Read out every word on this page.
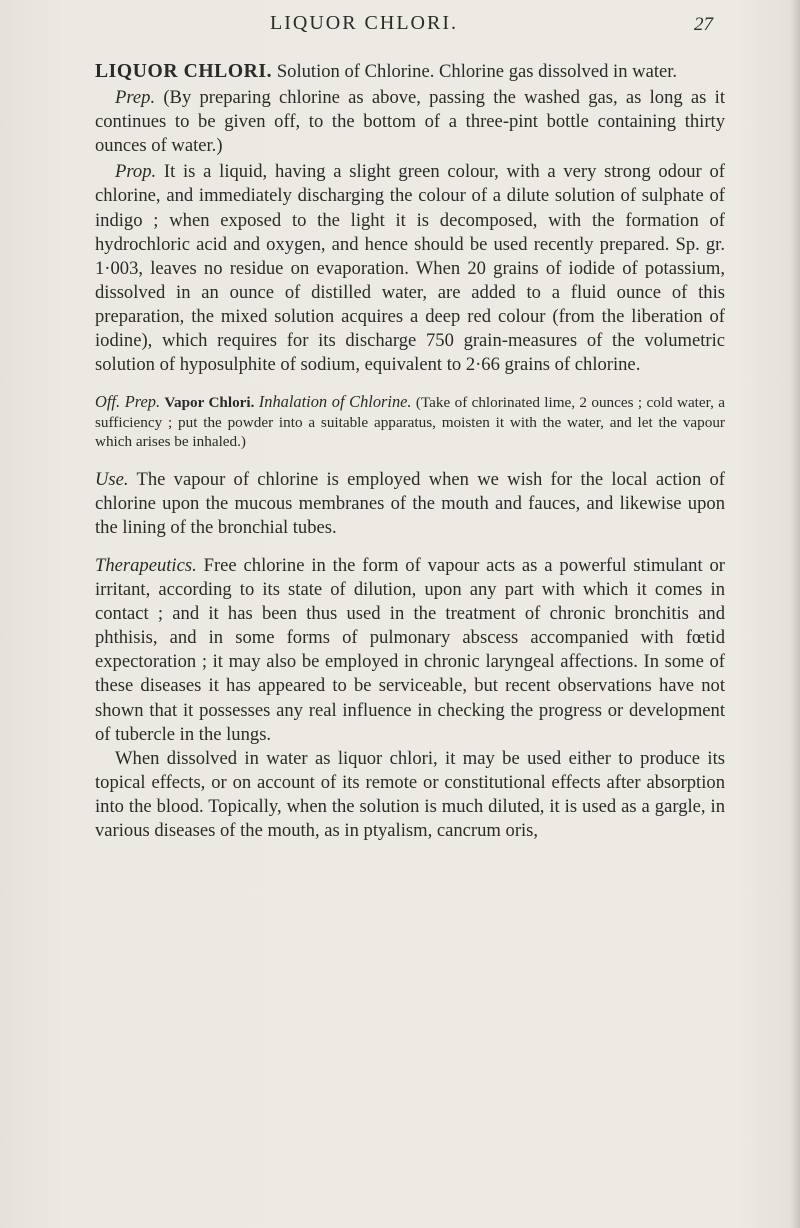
LIQUOR CHLORI.	27

LIQUOR CHLORI. Solution of Chlorine. Chlorine gas dissolved in water.

Prep. (By preparing chlorine as above, passing the washed gas, as long as it continues to be given off, to the bottom of a three-pint bottle containing thirty ounces of water.)

Prop. It is a liquid, having a slight green colour, with a very strong odour of chlorine, and immediately discharging the colour of a dilute solution of sulphate of indigo ; when exposed to the light it is decomposed, with the formation of hydrochloric acid and oxygen, and hence should be used recently prepared. Sp. gr. 1·003, leaves no residue on evaporation. When 20 grains of iodide of potassium, dissolved in an ounce of distilled water, are added to a fluid ounce of this preparation, the mixed solution acquires a deep red colour (from the liberation of iodine), which requires for its discharge 750 grain-measures of the volumetric solution of hyposulphite of sodium, equivalent to 2·66 grains of chlorine.

Off. Prep. Vapor Chlori. Inhalation of Chlorine. (Take of chlorinated lime, 2 ounces ; cold water, a sufficiency ; put the powder into a suitable apparatus, moisten it with the water, and let the vapour which arises be inhaled.)

Use. The vapour of chlorine is employed when we wish for the local action of chlorine upon the mucous membranes of the mouth and fauces, and likewise upon the lining of the bronchial tubes.

Therapeutics. Free chlorine in the form of vapour acts as a powerful stimulant or irritant, according to its state of dilution, upon any part with which it comes in contact ; and it has been thus used in the treatment of chronic bronchitis and phthisis, and in some forms of pulmonary abscess accompanied with fœtid expectoration ; it may also be employed in chronic laryngeal affections. In some of these diseases it has appeared to be serviceable, but recent observations have not shown that it possesses any real influence in checking the progress or development of tubercle in the lungs.

When dissolved in water as liquor chlori, it may be used either to produce its topical effects, or on account of its remote or constitutional effects after absorption into the blood. Topically, when the solution is much diluted, it is used as a gargle, in various diseases of the mouth, as in ptyalism, cancrum oris,
